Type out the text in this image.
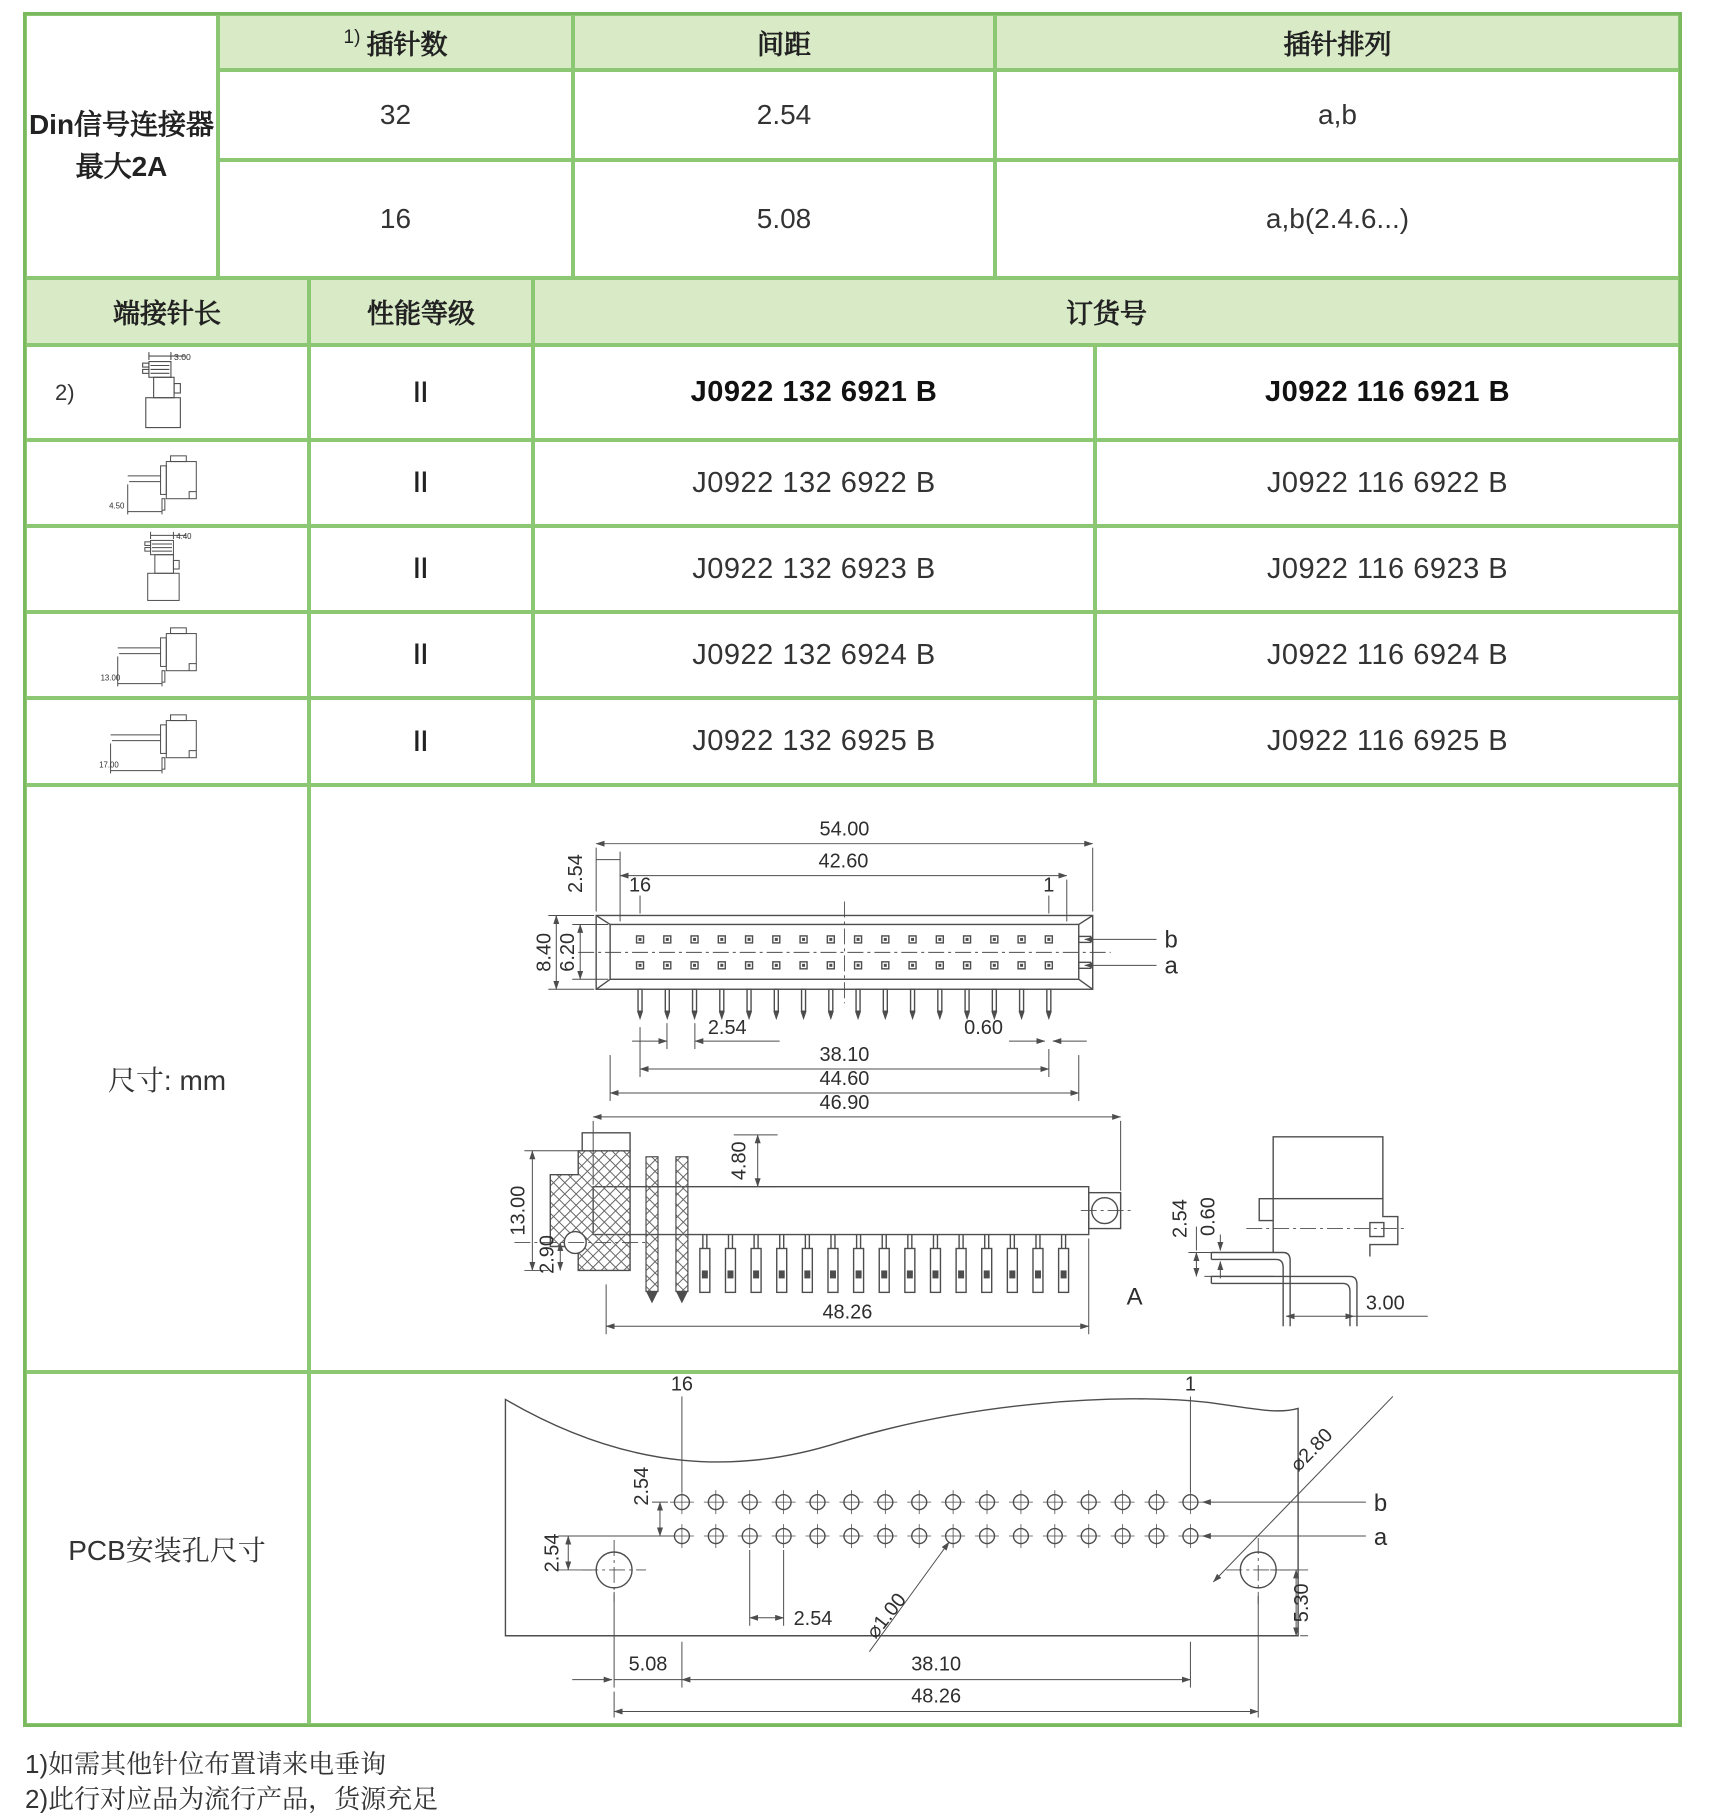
Din信号连接器
最大2A
1) 插针数	间距	插针排列
32	2.54	a,b
16	5.08	a,b(2.4.6...)
端接针长	性能等级	订货号
2)
3.00
II	J0922 132 6921 B	J0922 116 6921 B
4.50
II	J0922 132 6922 B	J0922 116 6922 B
4.40
II	J0922 132 6923 B	J0922 116 6923 B
13.00
II	J0922 132 6924 B	J0922 116 6924 B
17.00
II	J0922 132 6925 B	J0922 116 6925 B
尺寸: mm
54.00
42.60
2.54 16	1
b
a
8.40 6.20
2.54	0.60
38.10
44.60
46.90
4.80
13.00
2.90
48.26
A
2.54 0.60
3.00
PCB安装孔尺寸
16	1
b
a
⌀2.80
⌀1.00
2.54
2.54
2.54
5.08	38.10
48.26
5.30
1)如需其他针位布置请来电垂询
2)此行对应品为流行产品，货源充足
